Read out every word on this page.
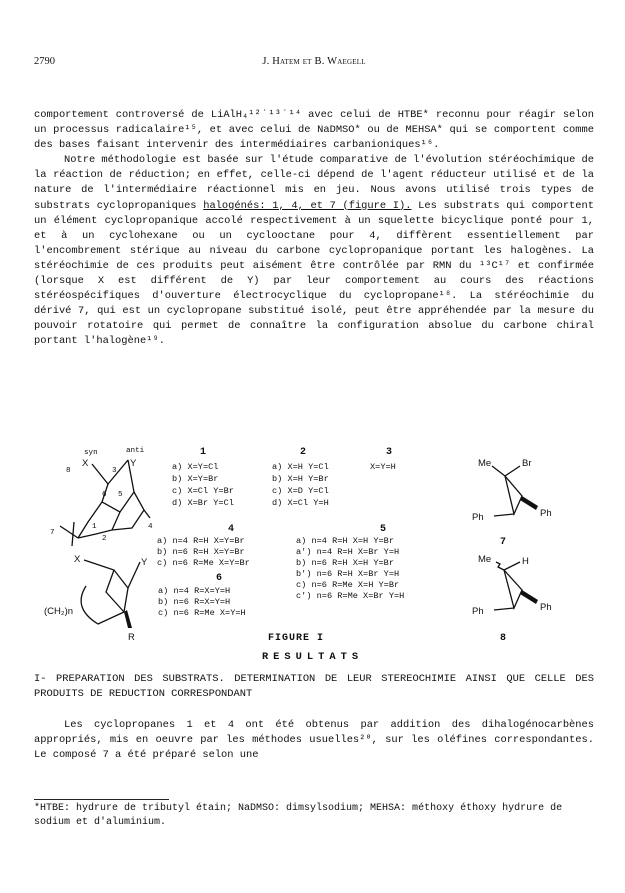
2790	J. Hatem et B. Waegell

comportement controversé de LiAlH₄¹²˙¹³˙¹⁴ avec celui de HTBE* reconnu pour réagir selon un processus radicalaire¹⁵, et avec celui de NaDMSO* ou de MEHSA* qui se comportent comme des bases faisant intervenir des intermédiaires carbanioniques¹⁶.

Notre méthodologie est basée sur l'étude comparative de l'évolution stéréochimique de la réaction de réduction; en effet, celle-ci dépend de l'agent réducteur utilisé et de la nature de l'intermédiaire réactionnel mis en jeu. Nous avons utilisé trois types de substrats cyclopropaniques halogénés: 1, 4, et 7 (figure I). Les substrats qui comportent un élément cyclopropanique accolé respectivement à un squelette bicyclique ponté pour 1, et à un cyclohexane ou un cyclooctane pour 4, diffèrent essentiellement par l'encombrement stérique au niveau du carbone cyclopropanique portant les halogènes. La stéréochimie de ces produits peut aisément être contrôlée par RMN du ¹³C¹⁷ et confirmée (lorsque X est différent de Y) par leur comportement au cours des réactions stéréospécifiques d'ouverture électrocyclique du cyclopropane¹⁸. La stéréochimie du dérivé 7, qui est un cyclopropane substitué isolé, peut être appréhendée par la mesure du pouvoir rotatoire qui permet de connaître la configuration absolue du carbone chiral portant l'halogène¹⁹.

syn	anti
X	Y
8	3
6 5
7
1
2
4
1
a) X=Y=Cl
b) X=Y=Br
c) X=Cl Y=Br
d) X=Br Y=Cl
2
a) X=H Y=Cl
b) X=H Y=Br
c) X=D Y=Cl
d) X=Cl Y=H
3
X=Y=H
X	Y
(CH₂)n
R
4
a) n=4 R=H X=Y=Br
b) n=6 R=H X=Y=Br
c) n=6 R=Me X=Y=Br
5
a) n=4 R=H X=H Y=Br
a') n=4 R=H X=Br Y=H
b) n=6 R=H X=H Y=Br
b') n=6 R=H X=Br Y=H
c) n=6 R=Me X=H Y=Br
c') n=6 R=Me X=Br Y=H
6
a) n=4 R=X=Y=H
b) n=6 R=X=Y=H
c) n=6 R=Me X=Y=H
Me	Br
Ph	Ph
7
Me	H
Ph	Ph
8
FIGURE I
RESULTATS
I- PREPARATION DES SUBSTRATS. DETERMINATION DE LEUR STEREOCHIMIE AINSI QUE CELLE DES PRODUITS DE REDUCTION CORRESPONDANT

Les cyclopropanes 1 et 4 ont été obtenus par addition des dihalogénocarbènes appropriés, mis en oeuvre par les méthodes usuelles²⁰, sur les oléfines correspondantes. Le composé 7 a été préparé selon une

*HTBE: hydrure de tributyl étain; NaDMSO: dimsylsodium; MEHSA: méthoxy éthoxy hydrure de sodium et d'aluminium.
